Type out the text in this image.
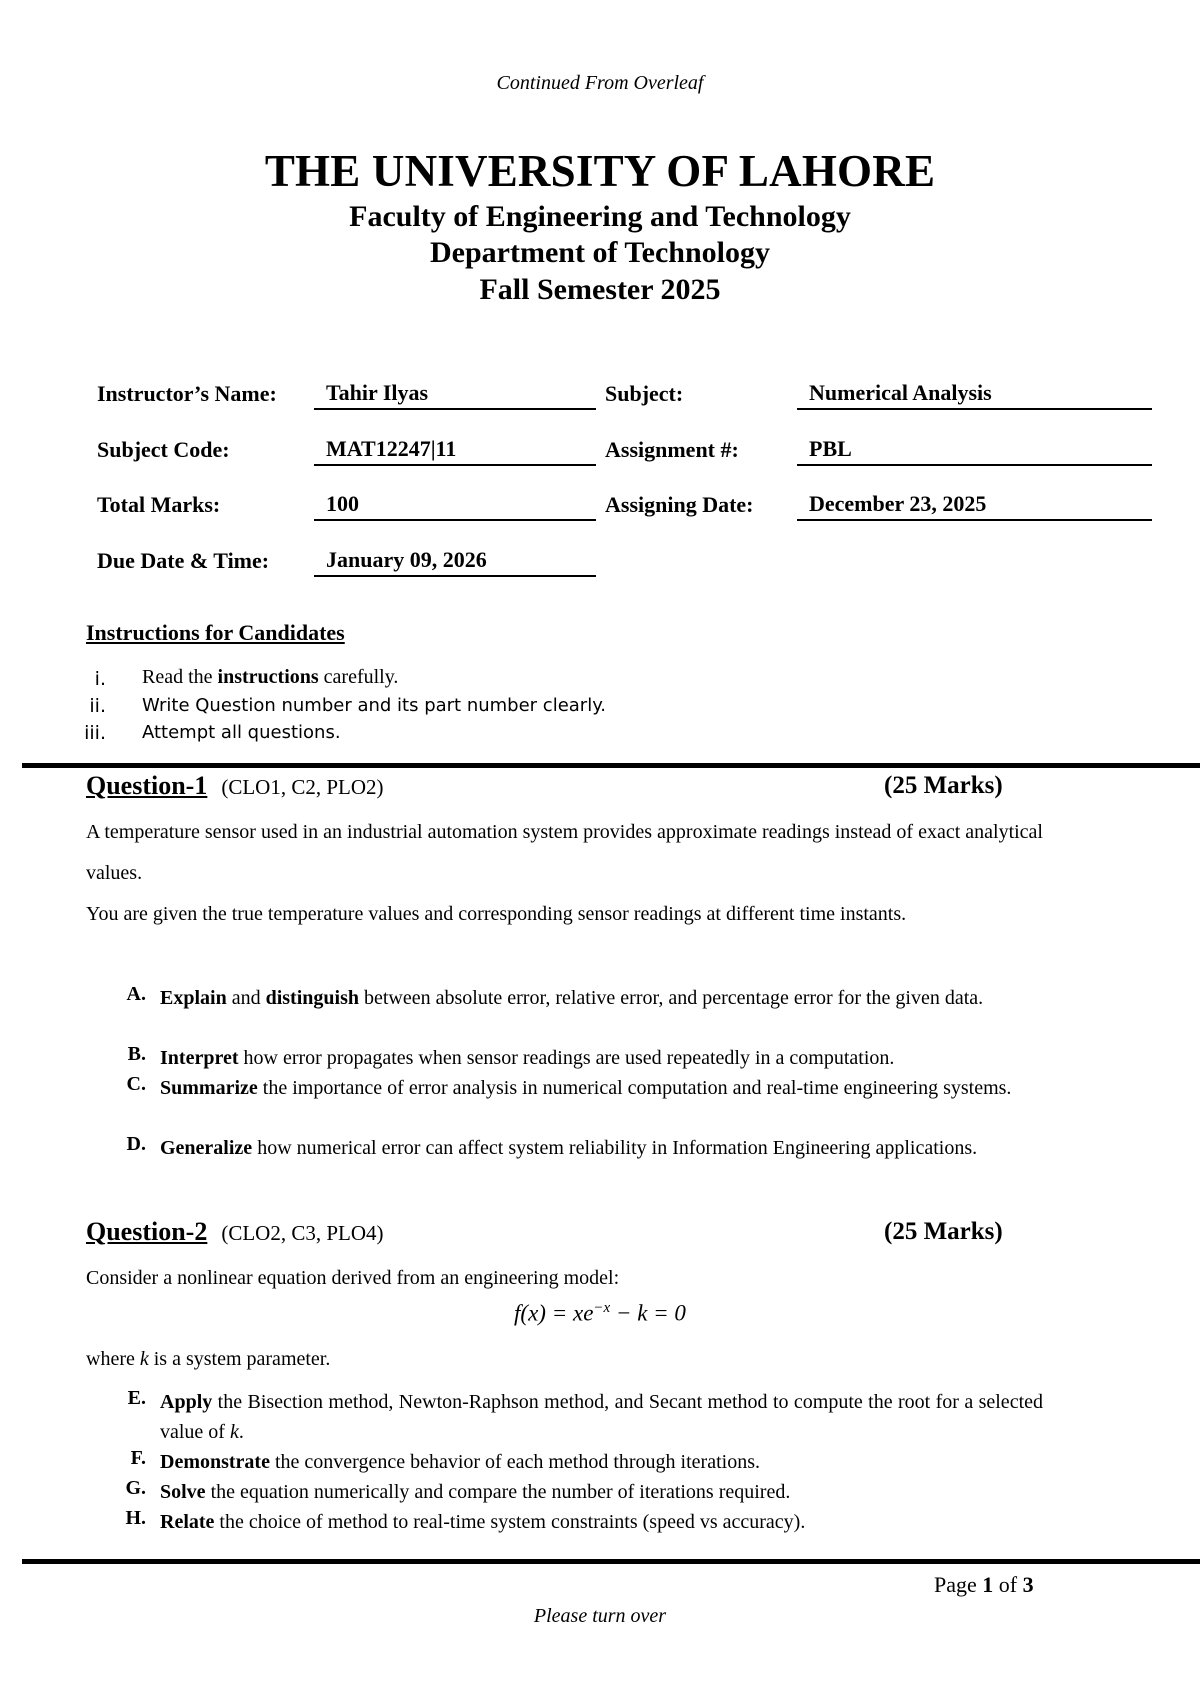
Continued From Overleaf
THE UNIVERSITY OF LAHORE
Faculty of Engineering and Technology
Department of Technology
Fall Semester 2025
Instructor’s Name:	Tahir Ilyas	Subject:	Numerical Analysis
Subject Code:	MAT12247|11	Assignment #:	PBL
Total Marks:	100	Assigning Date:	December 23, 2025
Due Date & Time:	January 09, 2026
Instructions for Candidates
i. Read the instructions carefully.
ii. Write Question number and its part number clearly.
iii. Attempt all questions.
Question-1 (CLO1, C2, PLO2)	(25 Marks)
A temperature sensor used in an industrial automation system provides approximate readings instead of exact analytical values.
You are given the true temperature values and corresponding sensor readings at different time instants.
A. Explain and distinguish between absolute error, relative error, and percentage error for the given data.
B. Interpret how error propagates when sensor readings are used repeatedly in a computation.
C. Summarize the importance of error analysis in numerical computation and real-time engineering systems.
D. Generalize how numerical error can affect system reliability in Information Engineering applications.
Question-2 (CLO2, C3, PLO4)	(25 Marks)
Consider a nonlinear equation derived from an engineering model:
$f(x) = xe^{-x} - k = 0$
where k is a system parameter.
E. Apply the Bisection method, Newton-Raphson method, and Secant method to compute the root for a selected value of k.
F. Demonstrate the convergence behavior of each method through iterations.
G. Solve the equation numerically and compare the number of iterations required.
H. Relate the choice of method to real-time system constraints (speed vs accuracy).
Page 1 of 3
Please turn over
